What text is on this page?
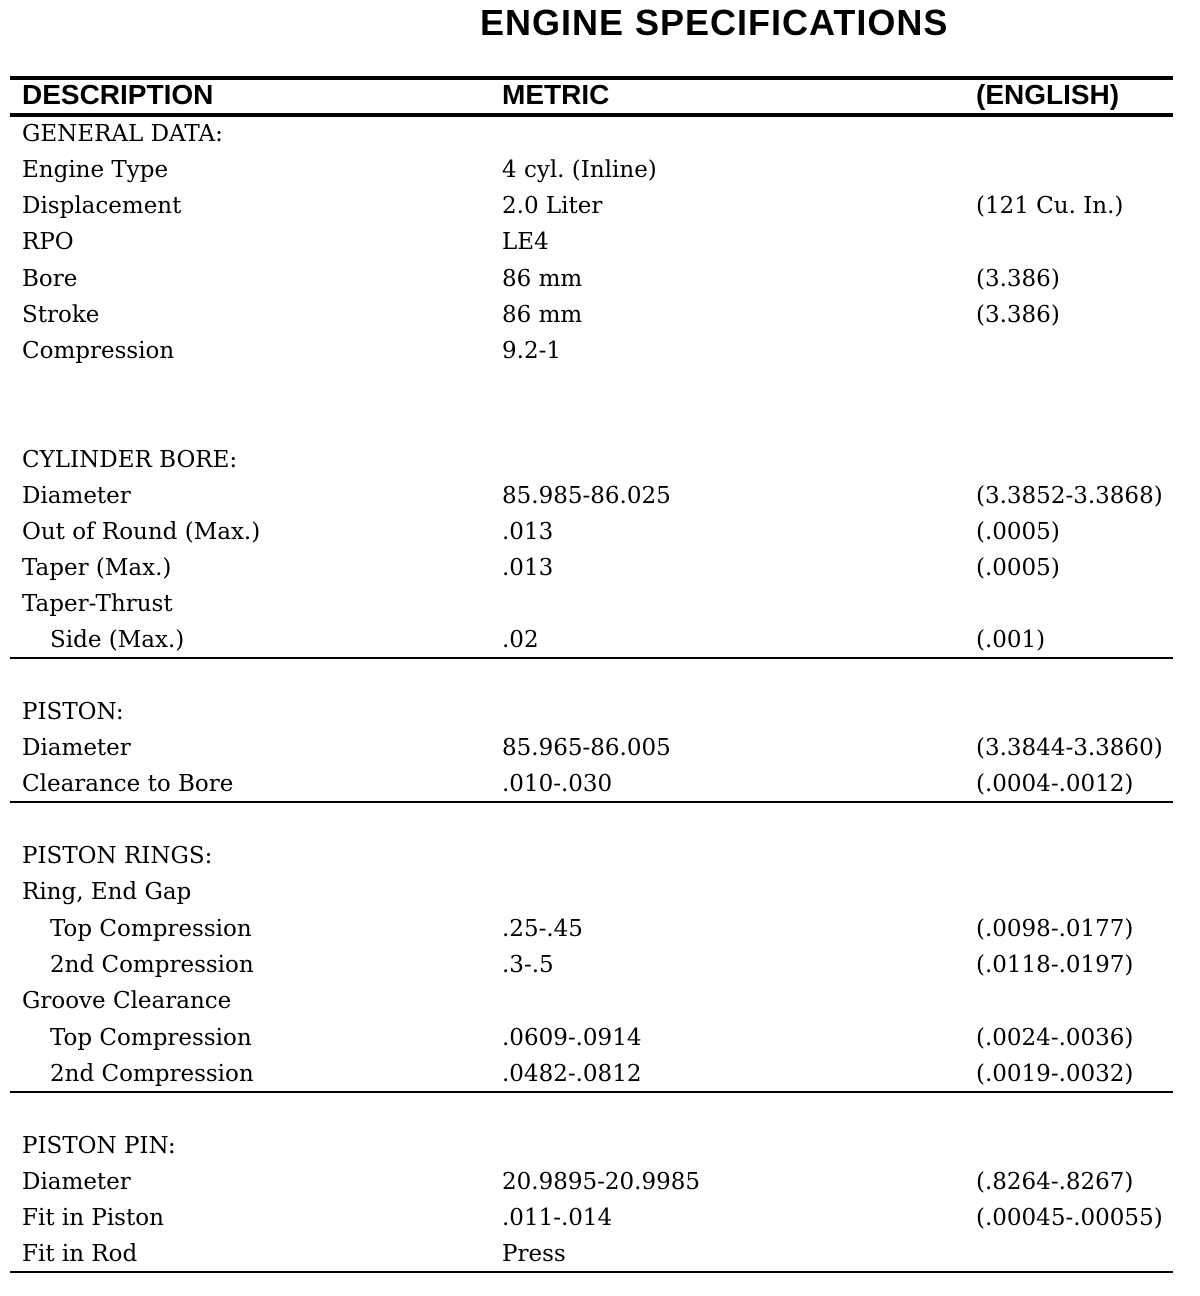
ENGINE SPECIFICATIONS
DESCRIPTION	METRIC	(ENGLISH)
GENERAL DATA:
Engine Type	4 cyl. (Inline)
Displacement	2.0 Liter	(121 Cu. In.)
RPO	LE4
Bore	86 mm	(3.386)
Stroke	86 mm	(3.386)
Compression	9.2-1
CYLINDER BORE:
Diameter	85.985-86.025	(3.3852-3.3868)
Out of Round (Max.)	.013	(.0005)
Taper (Max.)	.013	(.0005)
Taper-Thrust
Side (Max.)	.02	(.001)
PISTON:
Diameter	85.965-86.005	(3.3844-3.3860)
Clearance to Bore	.010-.030	(.0004-.0012)
PISTON RINGS:
Ring, End Gap
Top Compression	.25-.45	(.0098-.0177)
2nd Compression	.3-.5	(.0118-.0197)
Groove Clearance
Top Compression	.0609-.0914	(.0024-.0036)
2nd Compression	.0482-.0812	(.0019-.0032)
PISTON PIN:
Diameter	20.9895-20.9985	(.8264-.8267)
Fit in Piston	.011-.014	(.00045-.00055)
Fit in Rod	Press
